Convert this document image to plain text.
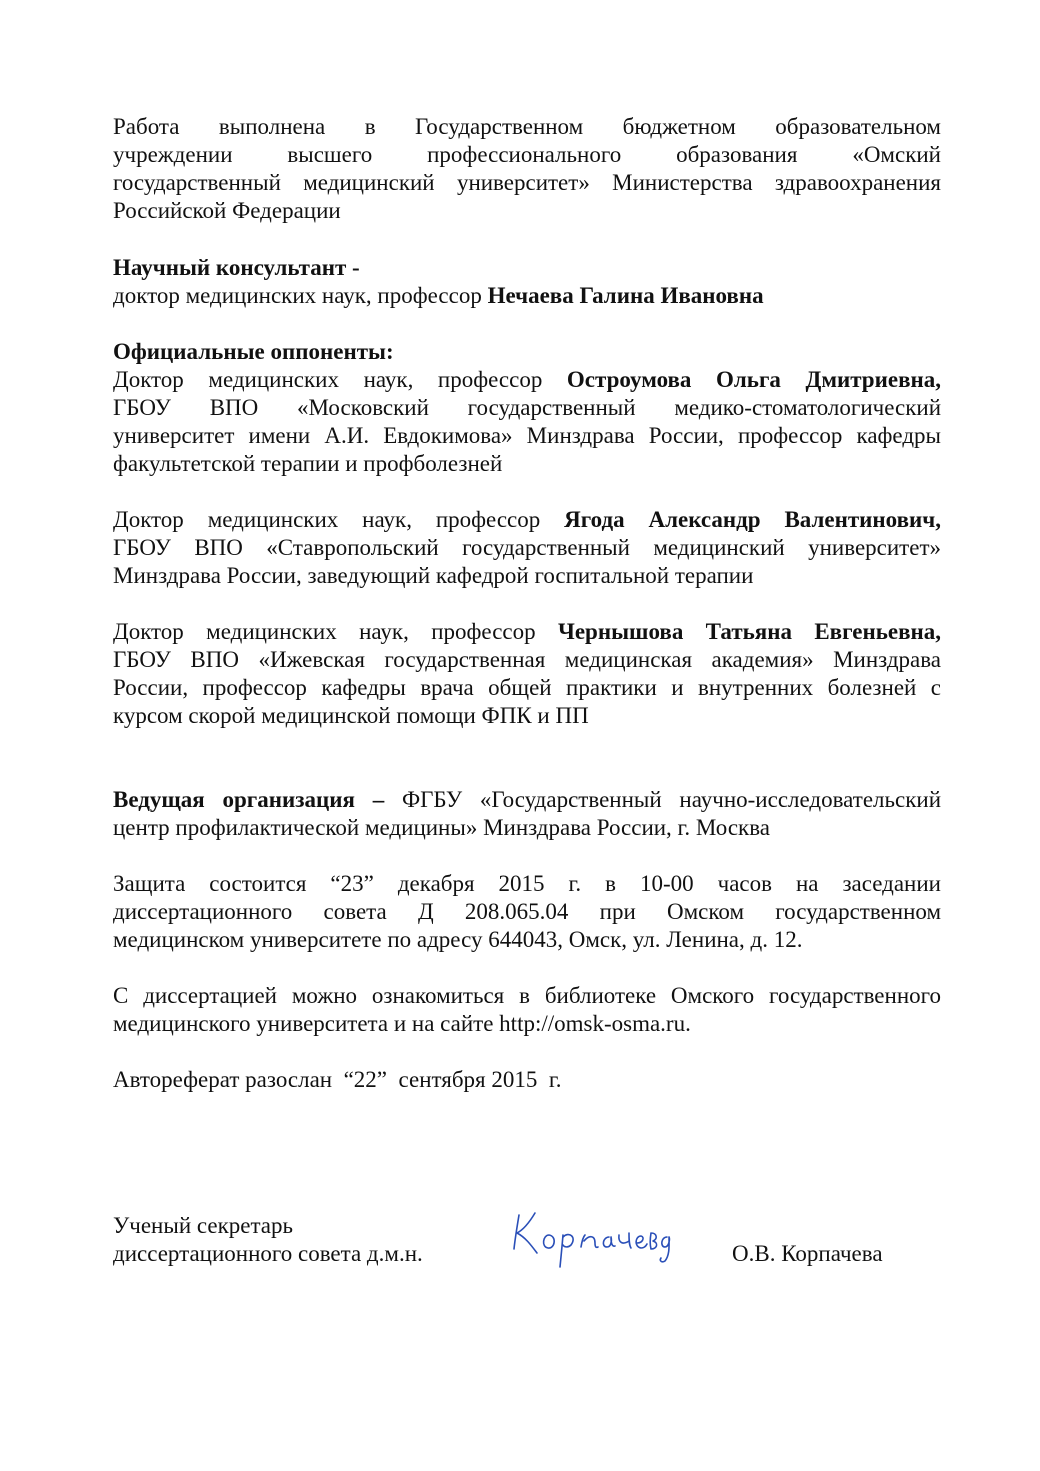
Работа выполнена в Государственном бюджетном образовательном

учреждении высшего профессионального образования «Омский

государственный медицинский университет» Министерства здравоохранения

Российской Федерации

Научный консультант -

доктор медицинских наук, профессор Нечаева Галина Ивановна

Официальные оппоненты:

Доктор медицинских наук, профессор Остроумова Ольга Дмитриевна,

ГБОУ ВПО «Московский государственный медико-стоматологический

университет имени А.И. Евдокимова» Минздрава России, профессор кафедры

факультетской терапии и профболезней

Доктор медицинских наук, профессор Ягода Александр Валентинович,

ГБОУ ВПО «Ставропольский государственный медицинский университет»

Минздрава России, заведующий кафедрой госпитальной терапии

Доктор медицинских наук, профессор Чернышова Татьяна Евгеньевна,

ГБОУ ВПО «Ижевская государственная медицинская академия» Минздрава

России, профессор кафедры врача общей практики и внутренних болезней с

курсом скорой медицинской помощи ФПК и ПП

Ведущая организация – ФГБУ «Государственный научно-исследовательский

центр профилактической медицины» Минздрава России, г. Москва

Защита состоится “23” декабря 2015 г. в 10-00 часов на заседании

диссертационного совета Д 208.065.04 при Омском государственном

медицинском университете по адресу 644043, Омск, ул. Ленина, д. 12.

С диссертацией можно ознакомиться в библиотеке Омского государственного

медицинского университета и на сайте http://omsk-osma.ru.

Автореферат разослан  “22”  сентября 2015  г.

Ученый секретарь
диссертационного совета д.м.н.	О.В. Корпачева
